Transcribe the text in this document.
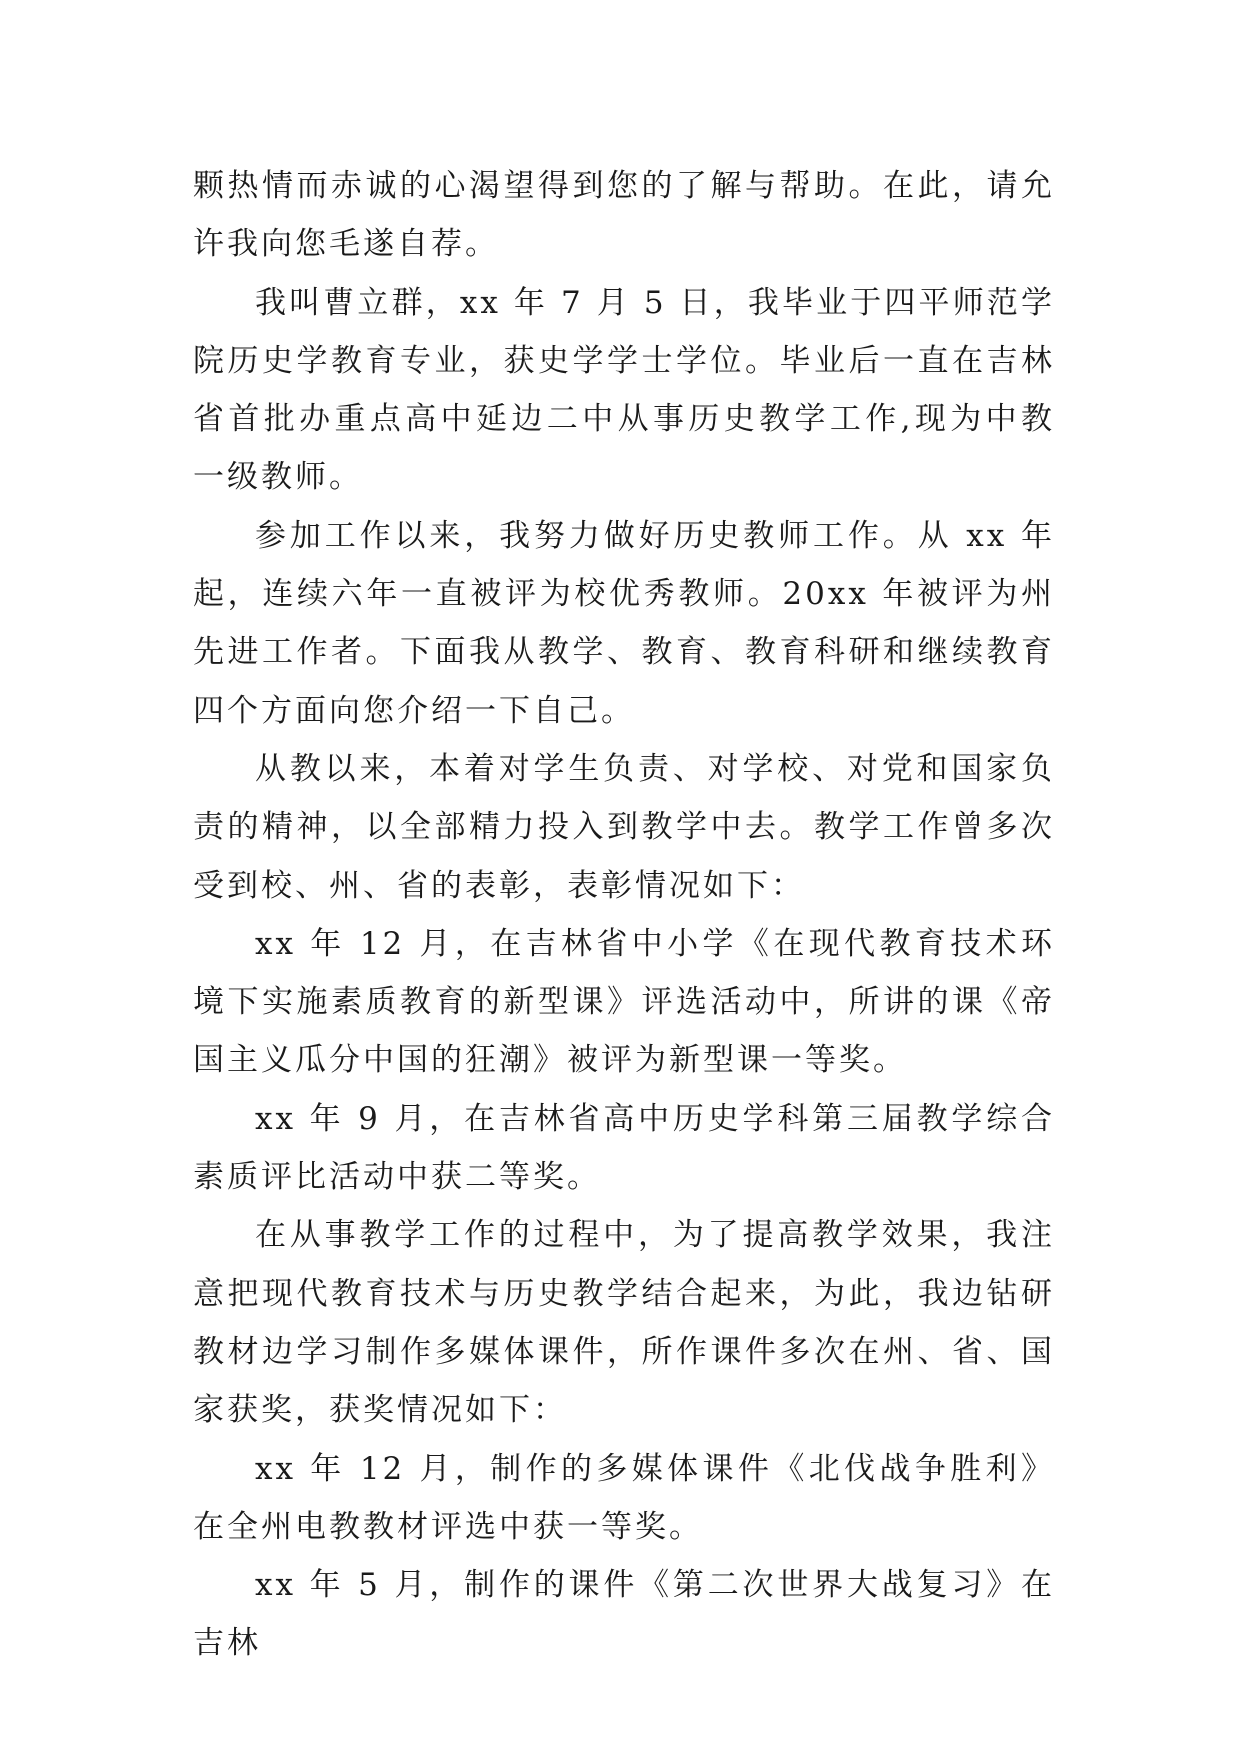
颗热情而赤诚的心渴望得到您的了解与帮助。在此，请允许我向您毛遂自荐。

我叫曹立群，xx 年 7 月 5 日，我毕业于四平师范学院历史学教育专业，获史学学士学位。毕业后一直在吉林省首批办重点高中延边二中从事历史教学工作,现为中教一级教师。

参加工作以来，我努力做好历史教师工作。从 xx 年起，连续六年一直被评为校优秀教师。20xx 年被评为州先进工作者。下面我从教学、教育、教育科研和继续教育四个方面向您介绍一下自己。

从教以来，本着对学生负责、对学校、对党和国家负责的精神，以全部精力投入到教学中去。教学工作曾多次受到校、州、省的表彰，表彰情况如下：

xx 年 12 月，在吉林省中小学《在现代教育技术环境下实施素质教育的新型课》评选活动中，所讲的课《帝国主义瓜分中国的狂潮》被评为新型课一等奖。

xx 年 9 月，在吉林省高中历史学科第三届教学综合素质评比活动中获二等奖。

在从事教学工作的过程中，为了提高教学效果，我注意把现代教育技术与历史教学结合起来，为此，我边钻研教材边学习制作多媒体课件，所作课件多次在州、省、国家获奖，获奖情况如下：

xx 年 12 月，制作的多媒体课件《北伐战争胜利》在全州电教教材评选中获一等奖。

xx 年 5 月，制作的课件《第二次世界大战复习》在吉林
